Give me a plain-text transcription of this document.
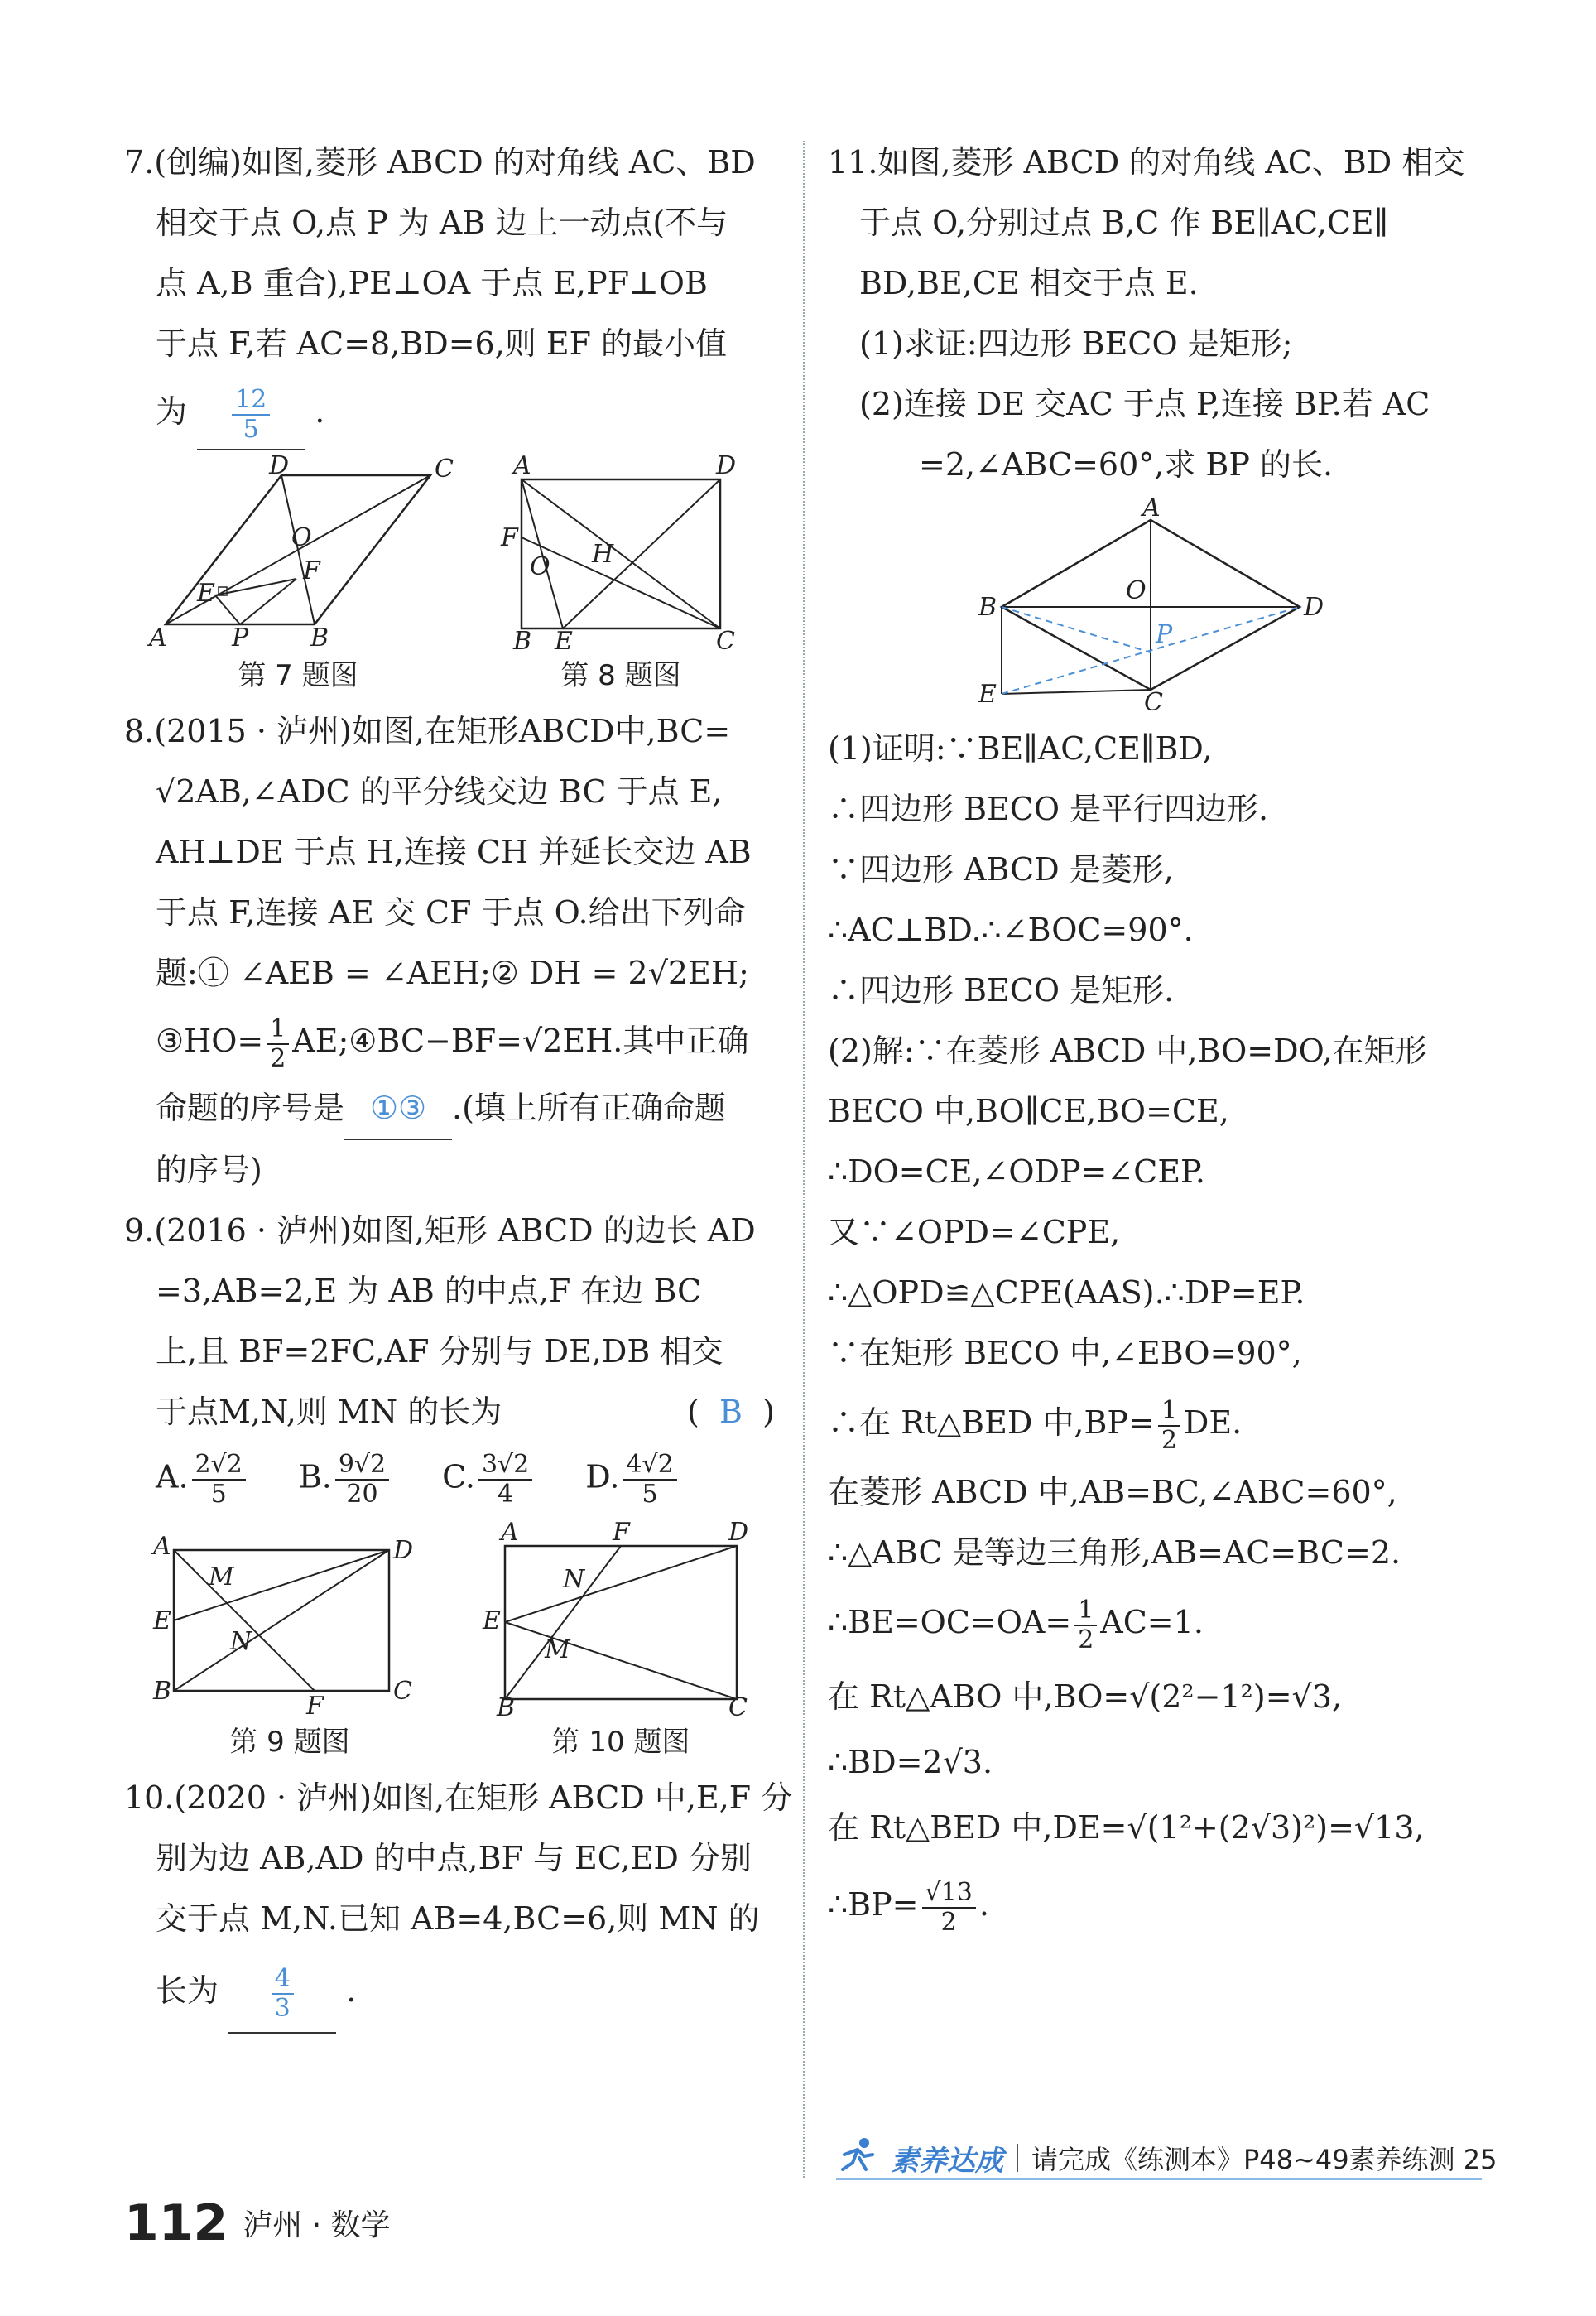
7.(创编)如图,菱形 ABCD 的对角线 AC、BD

相交于点 O,点 P 为 AB 边上一动点(不与

点 A,B 重合),PE⊥OA 于点 E,PF⊥OB

于点 F,若 AC=8,BD=6,则 EF 的最小值

为 $\frac{12}{5}$ .

D	C
O
E
F
A	P B
第 7 题图
A	D
F
O H
B E	C
第 8 题图

8.(2015 · 泸州)如图,在矩形ABCD中,BC=

√2AB,∠ADC 的平分线交边 BC 于点 E,

AH⊥DE 于点 H,连接 CH 并延长交边 AB

于点 F,连接 AE 交 CF 于点 O.给出下列命

题:① ∠AEB = ∠AEH;② DH = 2√2EH;

③HO= $\frac{1}{2}$ AE;④BC−BF=√2EH.其中正确

命题的序号是 ①③ .(填上所有正确命题

的序号)

9.(2016 · 泸州)如图,矩形 ABCD 的边长 AD

=3,AB=2,E 为 AB 的中点,F 在边 BC

上,且 BF=2FC,AF 分别与 DE,DB 相交

于点M,N,则 MN 的长为	( B )

A. $\frac{2√2}{5} B$. $\frac{9√2}{20} C$. $\frac{3√2}{4} D$. $\frac{4√2}{5}$
A	D
M
E
N
B
F
C
第 9 题图
A	F	D
N
E
M
B	C
第 10 题图

10.(2020 · 泸州)如图,在矩形 ABCD 中,E,F 分

别为边 AB,AD 的中点,BF 与 EC,ED 分别

交于点 M,N.已知 AB=4,BC=6,则 MN 的

长为 $\frac{4}{3}$ .

11.如图,菱形 ABCD 的对角线 AC、BD 相交

于点 O,分别过点 B,C 作 BE∥AC,CE∥

BD,BE,CE 相交于点 E.

(1)求证:四边形 BECO 是矩形;

(2)连接 DE 交AC 于点 P,连接 BP.若 AC

=2,∠ABC=60°,求 BP 的长.

A
B
O
D
P
E	C

(1)证明:∵BE∥AC,CE∥BD,

∴四边形 BECO 是平行四边形.

∵四边形 ABCD 是菱形,

∴AC⊥BD.∴∠BOC=90°.

∴四边形 BECO 是矩形.

(2)解:∵在菱形 ABCD 中,BO=DO,在矩形

BECO 中,BO∥CE,BO=CE,

∴DO=CE,∠ODP=∠CEP.

又∵∠OPD=∠CPE,

∴△OPD≌△CPE(AAS).∴DP=EP.

∵在矩形 BECO 中,∠EBO=90°,

∴在 Rt△BED 中$,BP= \frac{1}{2}$ DE.

在菱形 ABCD 中,AB=BC,∠ABC=60°,

∴△ABC 是等边三角形,AB=AC=BC=2.

∴BE=OC=OA= $\frac{1}{2} AC=1$.

在 Rt△ABO 中,BO=√(2²−1²)=√3,

∴BD=2√3.

在 Rt△BED 中,DE=√(1²+(2√3)²)=√13,

∴BP= $\frac{√13}{2}$ .

素养达成 请完成《练测本》P48~49素养练测 25
112 泸州 · 数学
